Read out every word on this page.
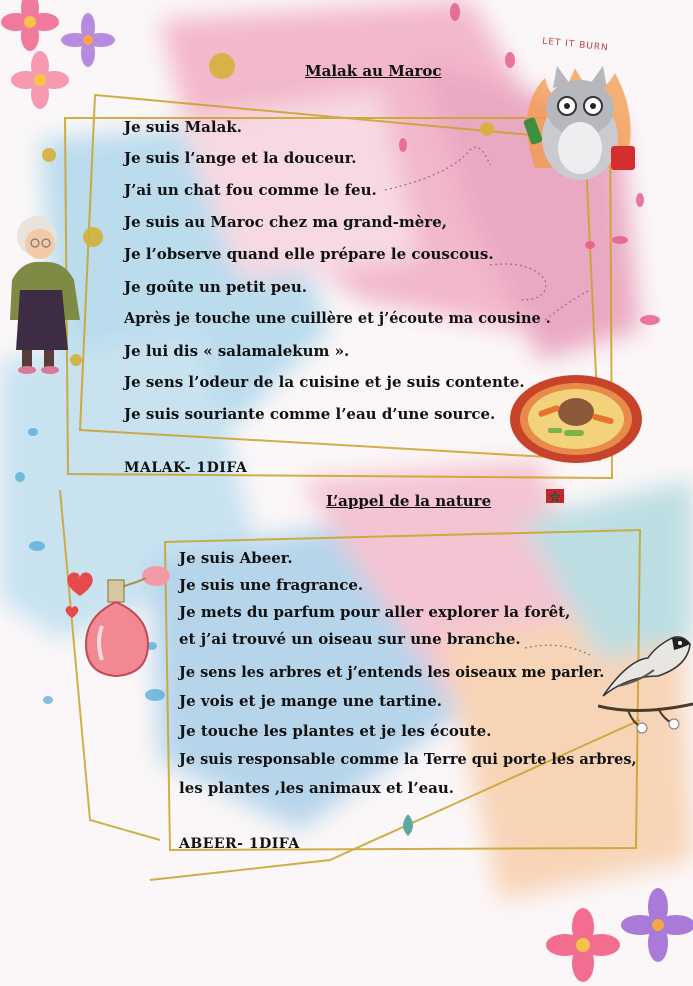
LET IT BURN
Malak au Maroc
Je suis Malak.
Je suis l’ange et la douceur.
J’ai un chat fou comme le feu.
Je suis au Maroc chez ma grand-mère,
Je l’observe quand elle prépare le couscous.
Je goûte un petit peu.
Après je touche une cuillère et j’écoute ma cousine .
Je lui dis « salamalekum ».
Je sens l’odeur de la cuisine et je suis contente.
Je suis souriante comme l’eau d’une source.
MALAK- 1DIFA
L’appel de la nature
Je suis Abeer.
Je suis une fragrance.
Je mets du parfum pour aller explorer la forêt,
et j’ai trouvé un oiseau sur une branche.
Je sens les arbres et j’entends les oiseaux me parler.
Je vois et je mange une tartine.
Je touche les plantes et je les écoute.
Je suis responsable comme la Terre qui porte les arbres,
les plantes ,les animaux et l’eau.
ABEER- 1DIFA
